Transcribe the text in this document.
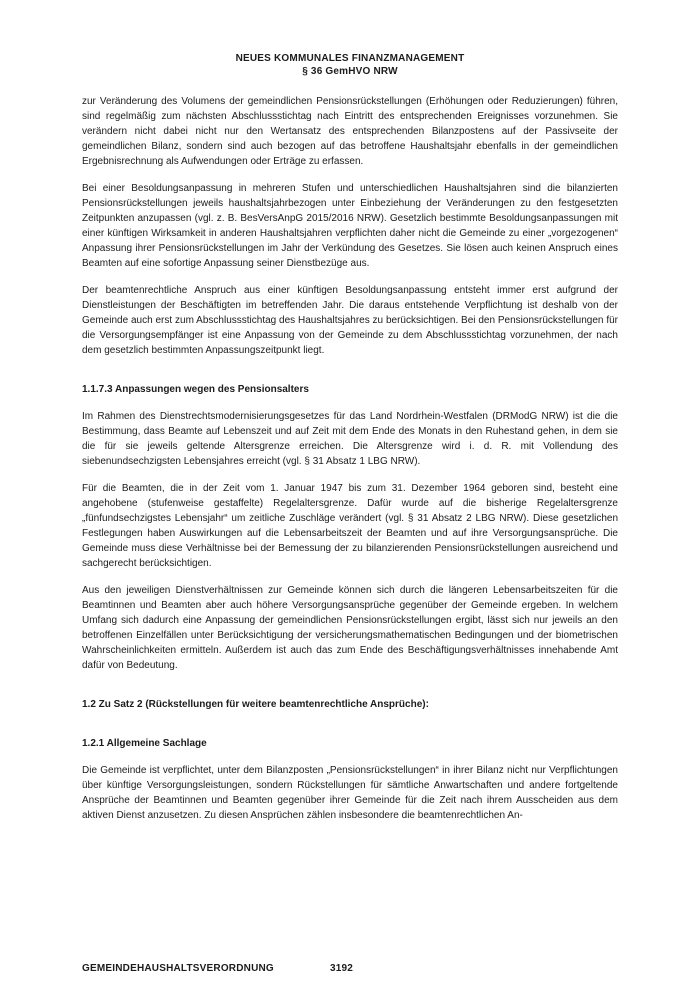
NEUES KOMMUNALES FINANZMANAGEMENT
§ 36 GemHVO NRW

zur Veränderung des Volumens der gemeindlichen Pensionsrückstellungen (Erhöhungen oder Reduzierungen) führen, sind regelmäßig zum nächsten Abschlussstichtag nach Eintritt des entsprechenden Ereignisses vorzunehmen. Sie verändern nicht dabei nicht nur den Wertansatz des entsprechenden Bilanzpostens auf der Passivseite der gemeindlichen Bilanz, sondern sind auch bezogen auf das betroffene Haushaltsjahr ebenfalls in der gemeindlichen Ergebnisrechnung als Aufwendungen oder Erträge zu erfassen.

Bei einer Besoldungsanpassung in mehreren Stufen und unterschiedlichen Haushaltsjahren sind die bilanzierten Pensionsrückstellungen jeweils haushaltsjahrbezogen unter Einbeziehung der Veränderungen zu den festgesetzten Zeitpunkten anzupassen (vgl. z. B. BesVersAnpG 2015/2016 NRW). Gesetzlich bestimmte Besoldungsanpassungen mit einer künftigen Wirksamkeit in anderen Haushaltsjahren verpflichten daher nicht die Gemeinde zu einer „vorgezogenen“ Anpassung ihrer Pensionsrückstellungen im Jahr der Verkündung des Gesetzes. Sie lösen auch keinen Anspruch eines Beamten auf eine sofortige Anpassung seiner Dienstbezüge aus.

Der beamtenrechtliche Anspruch aus einer künftigen Besoldungsanpassung entsteht immer erst aufgrund der Dienstleistungen der Beschäftigten im betreffenden Jahr. Die daraus entstehende Verpflichtung ist deshalb von der Gemeinde auch erst zum Abschlussstichtag des Haushaltsjahres zu berücksichtigen. Bei den Pensionsrückstellungen für die Versorgungsempfänger ist eine Anpassung von der Gemeinde zu dem Abschlussstichtag vorzunehmen, der nach dem gesetzlich bestimmten Anpassungszeitpunkt liegt.

1.1.7.3 Anpassungen wegen des Pensionsalters

Im Rahmen des Dienstrechtsmodernisierungsgesetzes für das Land Nordrhein-Westfalen (DRModG NRW) ist die die Bestimmung, dass Beamte auf Lebenszeit und auf Zeit mit dem Ende des Monats in den Ruhestand gehen, in dem sie die für sie jeweils geltende Altersgrenze erreichen. Die Altersgrenze wird i. d. R. mit Vollendung des siebenundsechzigsten Lebensjahres erreicht (vgl. § 31 Absatz 1 LBG NRW).

Für die Beamten, die in der Zeit vom 1. Januar 1947 bis zum 31. Dezember 1964 geboren sind, besteht eine angehobene (stufenweise gestaffelte) Regelaltersgrenze. Dafür wurde auf die bisherige Regelaltersgrenze „fünfundsechzigstes Lebensjahr“ um zeitliche Zuschläge verändert (vgl. § 31 Absatz 2 LBG NRW). Diese gesetzlichen Festlegungen haben Auswirkungen auf die Lebensarbeitszeit der Beamten und auf ihre Versorgungsansprüche. Die Gemeinde muss diese Verhältnisse bei der Bemessung der zu bilanzierenden Pensionsrückstellungen ausreichend und sachgerecht berücksichtigen.

Aus den jeweiligen Dienstverhältnissen zur Gemeinde können sich durch die längeren Lebensarbeitszeiten für die Beamtinnen und Beamten aber auch höhere Versorgungsansprüche gegenüber der Gemeinde ergeben. In welchem Umfang sich dadurch eine Anpassung der gemeindlichen Pensionsrückstellungen ergibt, lässt sich nur jeweils an den betroffenen Einzelfällen unter Berücksichtigung der versicherungsmathematischen Bedingungen und der biometrischen Wahrscheinlichkeiten ermitteln. Außerdem ist auch das zum Ende des Beschäftigungsverhältnisses innehabende Amt dafür von Bedeutung.

1.2 Zu Satz 2 (Rückstellungen für weitere beamtenrechtliche Ansprüche):
1.2.1 Allgemeine Sachlage

Die Gemeinde ist verpflichtet, unter dem Bilanzposten „Pensionsrückstellungen“ in ihrer Bilanz nicht nur Verpflichtungen über künftige Versorgungsleistungen, sondern Rückstellungen für sämtliche Anwartschaften und andere fortgeltende Ansprüche der Beamtinnen und Beamten gegenüber ihrer Gemeinde für die Zeit nach ihrem Ausscheiden aus dem aktiven Dienst anzusetzen. Zu diesen Ansprüchen zählen insbesondere die beamtenrechtlichen An-

GEMEINDEHAUSHALTSVERORDNUNG	3192
